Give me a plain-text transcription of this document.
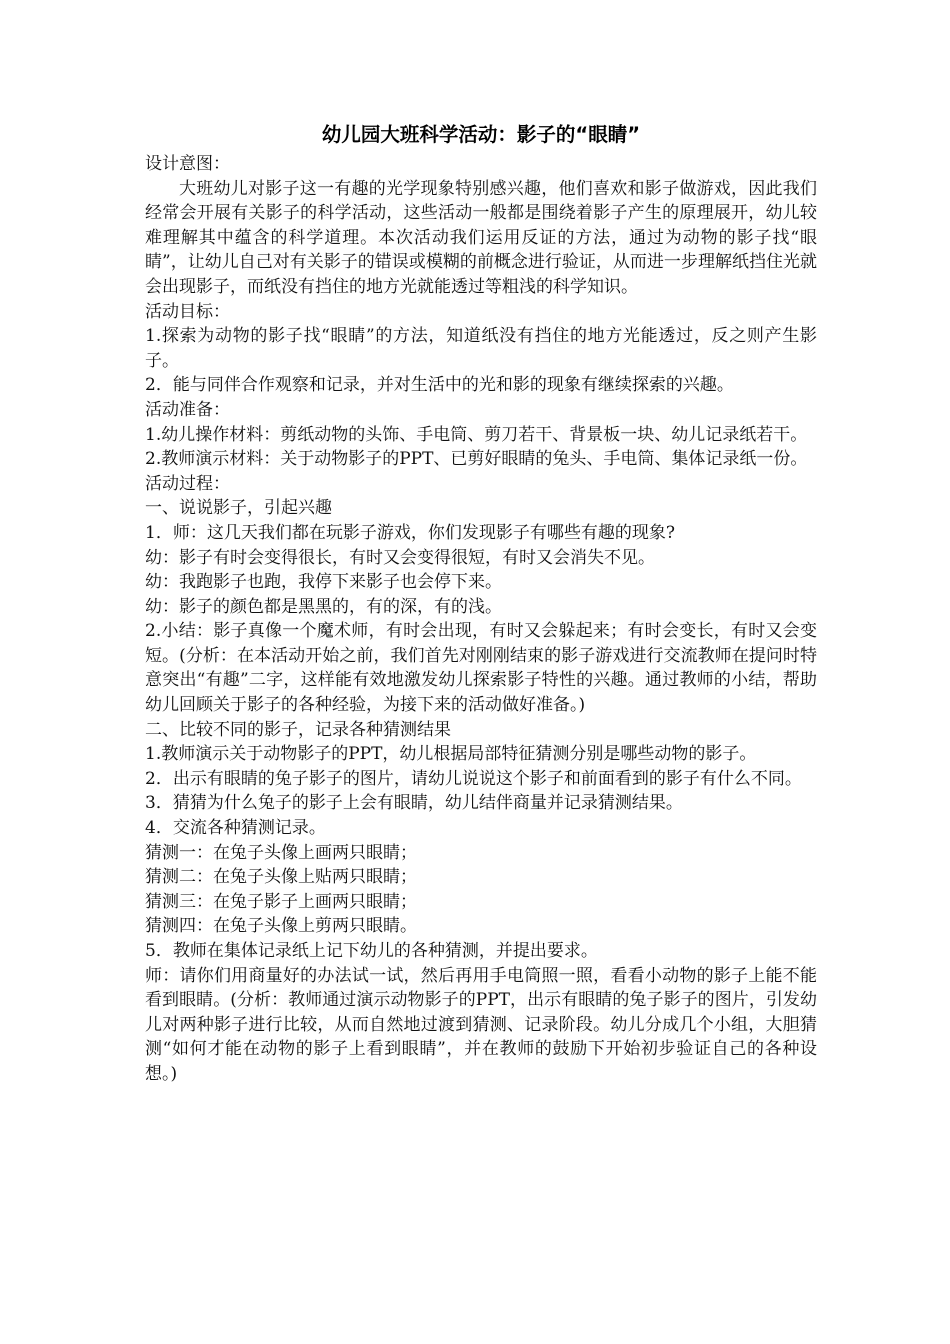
幼儿园大班科学活动：影子的“眼睛”
设计意图：
大班幼儿对影子这一有趣的光学现象特别感兴趣，他们喜欢和影子做游戏，因此我们经常会开展有关影子的科学活动，这些活动一般都是围绕着影子产生的原理展开，幼儿较难理解其中蕴含的科学道理。本次活动我们运用反证的方法，通过为动物的影子找“眼睛”，让幼儿自己对有关影子的错误或模糊的前概念进行验证，从而进一步理解纸挡住光就会出现影子，而纸没有挡住的地方光就能透过等粗浅的科学知识。
活动目标：
1.探索为动物的影子找“眼睛”的方法，知道纸没有挡住的地方光能透过，反之则产生影子。
2．能与同伴合作观察和记录，并对生活中的光和影的现象有继续探索的兴趣。
活动准备：
1.幼儿操作材料：剪纸动物的头饰、手电筒、剪刀若干、背景板一块、幼儿记录纸若干。
2.教师演示材料：关于动物影子的PPT、已剪好眼睛的兔头、手电筒、集体记录纸一份。
活动过程：
一、说说影子，引起兴趣
1．师：这几天我们都在玩影子游戏，你们发现影子有哪些有趣的现象?
幼：影子有时会变得很长，有时又会变得很短，有时又会消失不见。
幼：我跑影子也跑，我停下来影子也会停下来。
幼：影子的颜色都是黑黑的，有的深，有的浅。
2.小结：影子真像一个魔术师，有时会出现，有时又会躲起来；有时会变长，有时又会变短。(分析：在本活动开始之前，我们首先对刚刚结束的影子游戏进行交流教师在提问时特意突出“有趣”二字，这样能有效地激发幼儿探索影子特性的兴趣。通过教师的小结，帮助幼儿回顾关于影子的各种经验，为接下来的活动做好准备。)
二、比较不同的影子，记录各种猜测结果
1.教师演示关于动物影子的PPT，幼儿根据局部特征猜测分别是哪些动物的影子。
2．出示有眼睛的兔子影子的图片，请幼儿说说这个影子和前面看到的影子有什么不同。
3．猜猜为什么兔子的影子上会有眼睛，幼儿结伴商量并记录猜测结果。
4．交流各种猜测记录。
猜测一：在兔子头像上画两只眼睛；
猜测二：在兔子头像上贴两只眼睛；
猜测三：在兔子影子上画两只眼睛；
猜测四：在兔子头像上剪两只眼睛。
5．教师在集体记录纸上记下幼儿的各种猜测，并提出要求。
师：请你们用商量好的办法试一试，然后再用手电筒照一照，看看小动物的影子上能不能看到眼睛。(分析：教师通过演示动物影子的PPT，出示有眼睛的兔子影子的图片，引发幼儿对两种影子进行比较，从而自然地过渡到猜测、记录阶段。幼儿分成几个小组，大胆猜测“如何才能在动物的影子上看到眼睛”，并在教师的鼓励下开始初步验证自己的各种设想。)
